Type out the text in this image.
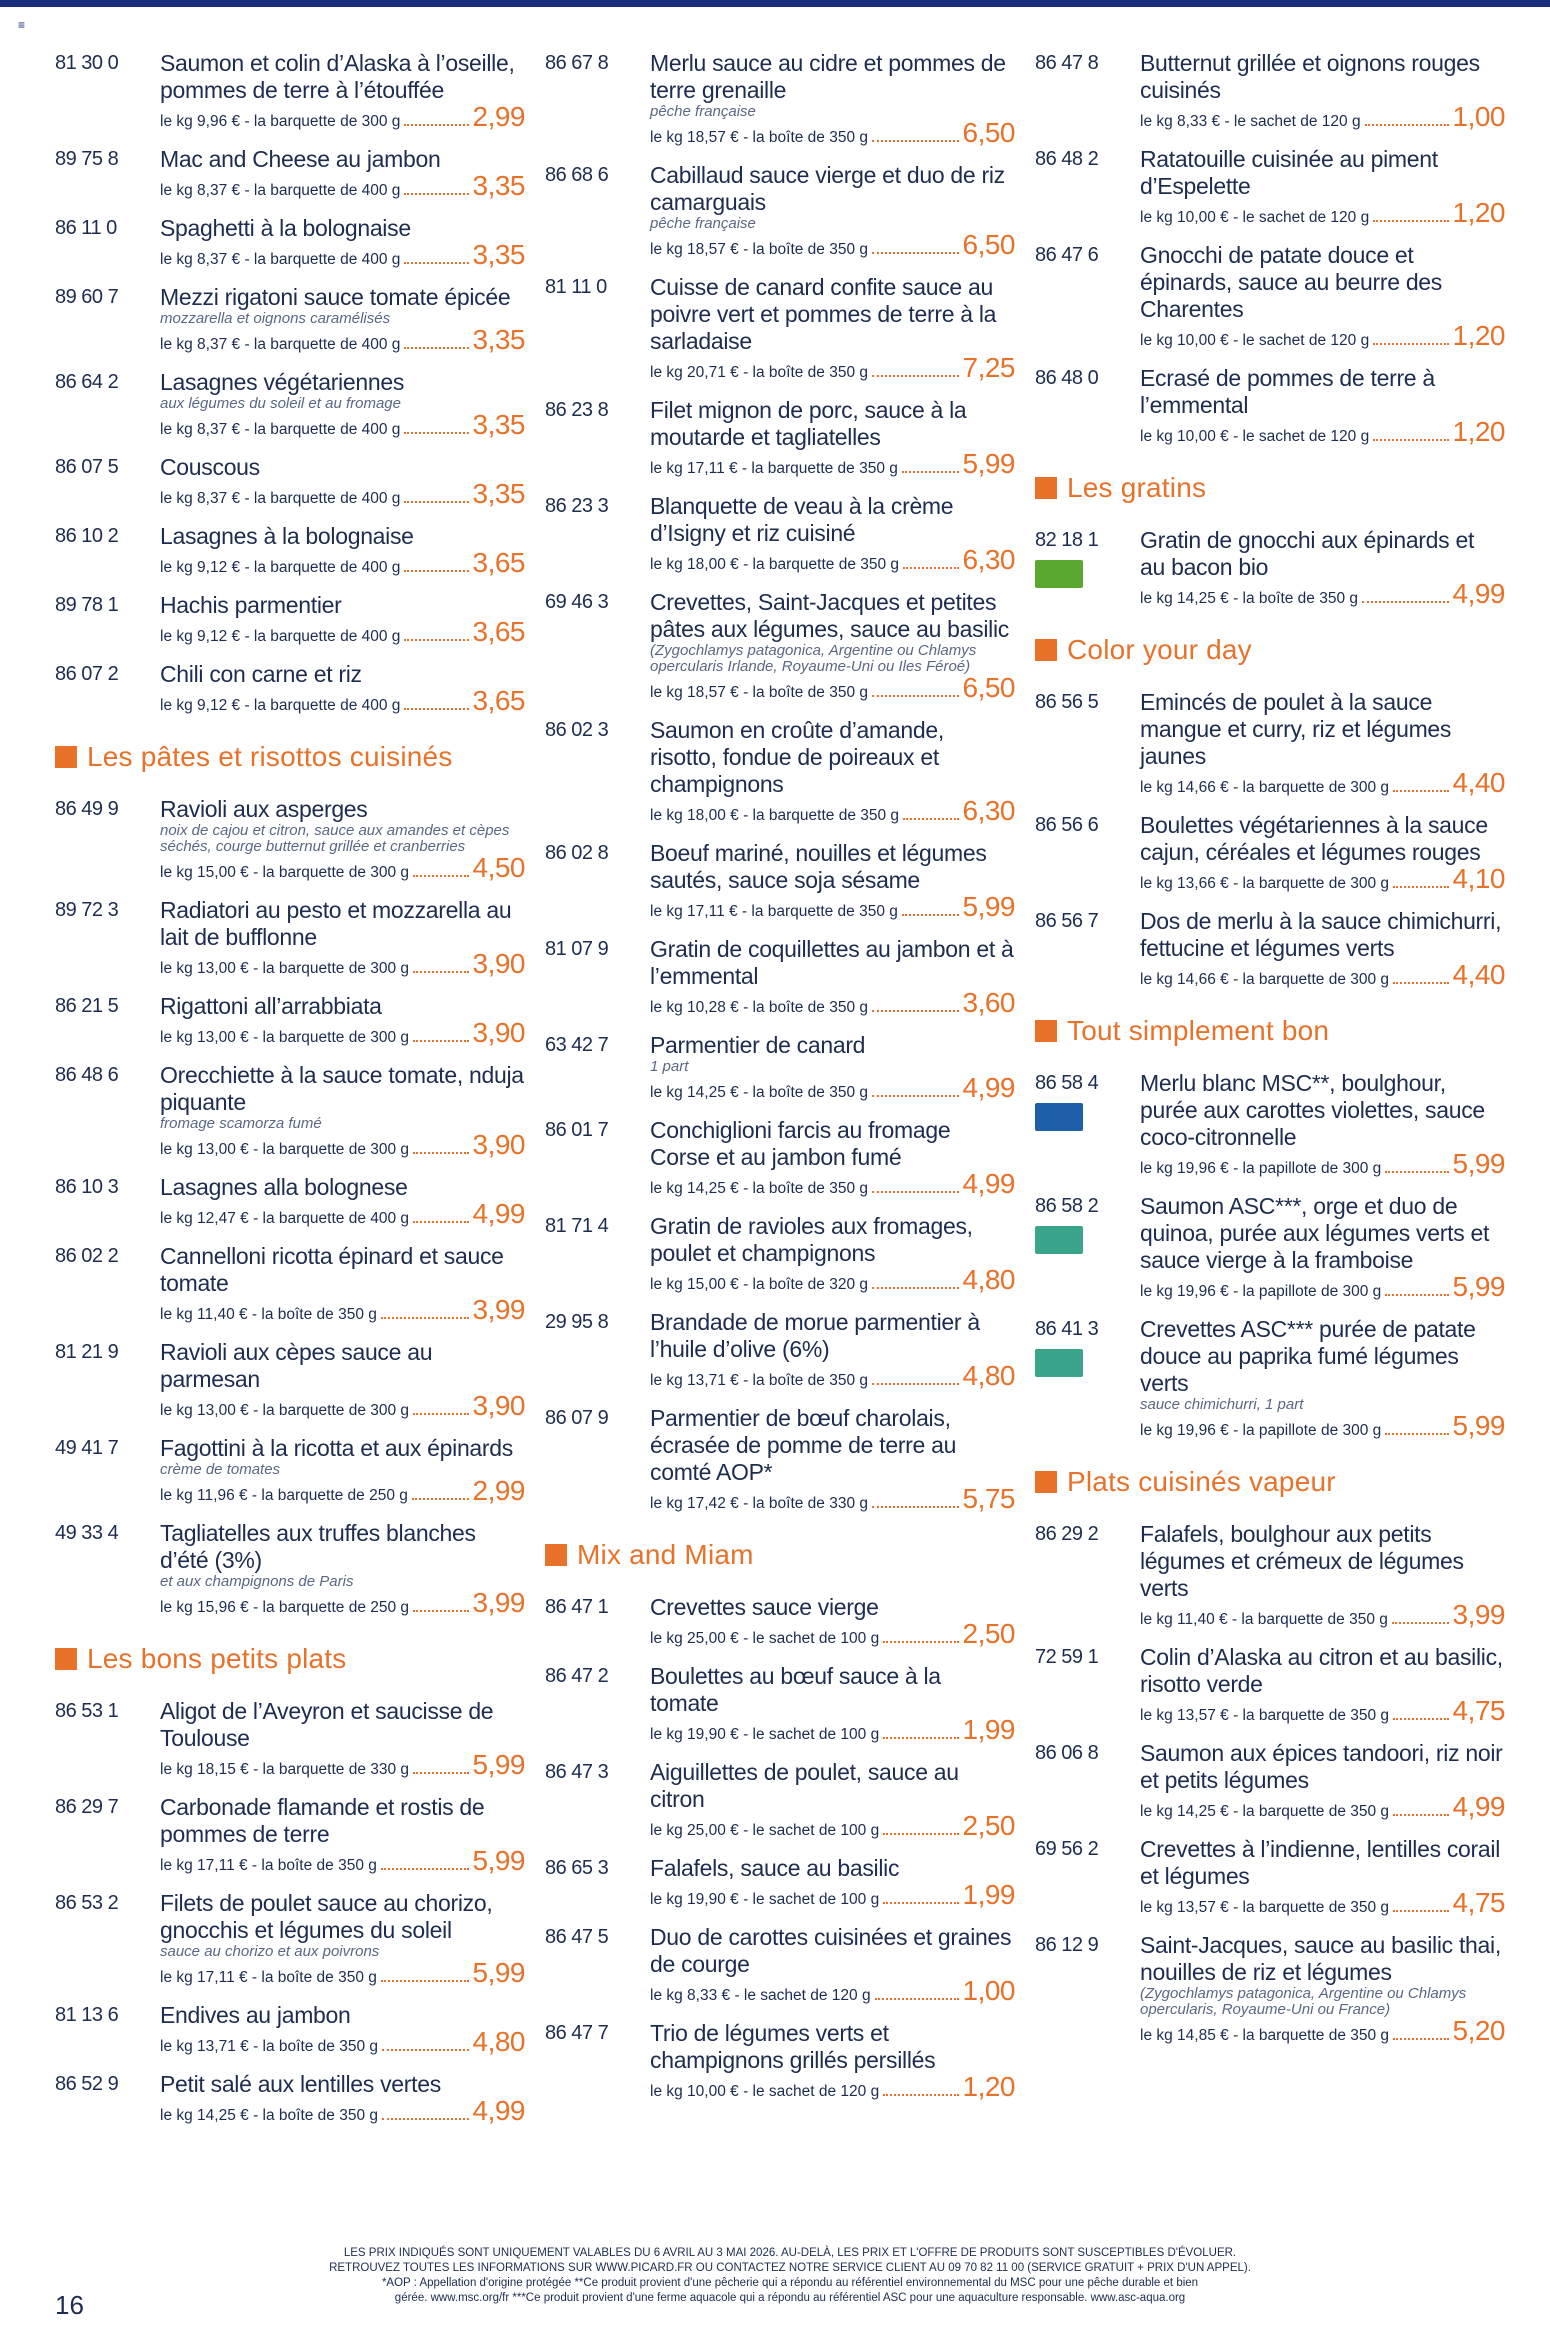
≡
81 30 0	Saumon et colin d’Alaska à l’oseille, pommes de terre à l’étouffée
le kg 9,96 € - la barquette de 300 g	2,99
89 75 8	Mac and Cheese au jambon
le kg 8,37 € - la barquette de 400 g	3,35
86 11 0	Spaghetti à la bolognaise
le kg 8,37 € - la barquette de 400 g	3,35
89 60 7	Mezzi rigatoni sauce tomate épicée
mozzarella et oignons caramélisés
le kg 8,37 € - la barquette de 400 g	3,35
86 64 2	Lasagnes végétariennes
aux légumes du soleil et au fromage
le kg 8,37 € - la barquette de 400 g	3,35
86 07 5	Couscous
le kg 8,37 € - la barquette de 400 g	3,35
86 10 2	Lasagnes à la bolognaise
le kg 9,12 € - la barquette de 400 g	3,65
89 78 1	Hachis parmentier
le kg 9,12 € - la barquette de 400 g	3,65
86 07 2	Chili con carne et riz
le kg 9,12 € - la barquette de 400 g	3,65
Les pâtes et risottos cuisinés
86 49 9	Ravioli aux asperges
noix de cajou et citron, sauce aux amandes et cèpes séchés, courge butternut grillée et cranberries
le kg 15,00 € - la barquette de 300 g 4,50
89 72 3	Radiatori au pesto et mozzarella au lait de bufflonne
le kg 13,00 € - la barquette de 300 g 3,90
86 21 5	Rigattoni all’arrabbiata
le kg 13,00 € - la barquette de 300 g 3,90
86 48 6	Orecchiette à la sauce tomate, nduja piquante
fromage scamorza fumé
le kg 13,00 € - la barquette de 300 g 3,90
86 10 3	Lasagnes alla bolognese
le kg 12,47 € - la barquette de 400 g 4,99
86 02 2	Cannelloni ricotta épinard et sauce tomate
le kg 11,40 € - la boîte de 350 g	3,99
81 21 9	Ravioli aux cèpes sauce au parmesan
le kg 13,00 € - la barquette de 300 g 3,90
49 41 7	Fagottini à la ricotta et aux épinards
crème de tomates
le kg 11,96 € - la barquette de 250 g 2,99
49 33 4	Tagliatelles aux truffes blanches d’été (3%)
et aux champignons de Paris
le kg 15,96 € - la barquette de 250 g 3,99
Les bons petits plats
86 53 1	Aligot de l’Aveyron et saucisse de Toulouse
le kg 18,15 € - la barquette de 330 g 5,99
86 29 7	Carbonade flamande et rostis de pommes de terre
le kg 17,11 € - la boîte de 350 g	5,99
86 53 2	Filets de poulet sauce au chorizo, gnocchis et légumes du soleil
sauce au chorizo et aux poivrons
le kg 17,11 € - la boîte de 350 g	5,99
81 13 6	Endives au jambon
le kg 13,71 € - la boîte de 350 g	4,80
86 52 9	Petit salé aux lentilles vertes
le kg 14,25 € - la boîte de 350 g	4,99
86 67 8	Merlu sauce au cidre et pommes de terre grenaille
pêche française
le kg 18,57 € - la boîte de 350 g	6,50
86 68 6	Cabillaud sauce vierge et duo de riz camarguais
pêche française
le kg 18,57 € - la boîte de 350 g	6,50
81 11 0	Cuisse de canard confite sauce au poivre vert et pommes de terre à la sarladaise
le kg 20,71 € - la boîte de 350 g	7,25
86 23 8	Filet mignon de porc, sauce à la moutarde et tagliatelles
le kg 17,11 € - la barquette de 350 g 5,99
86 23 3	Blanquette de veau à la crème d’Isigny et riz cuisiné
le kg 18,00 € - la barquette de 350 g 6,30
69 46 3	Crevettes, Saint-Jacques et petites pâtes aux légumes, sauce au basilic
(Zygochlamys patagonica, Argentine ou Chlamys opercularis Irlande, Royaume-Uni ou Iles Féroé)
le kg 18,57 € - la boîte de 350 g	6,50
86 02 3	Saumon en croûte d’amande, risotto, fondue de poireaux et champignons
le kg 18,00 € - la barquette de 350 g 6,30
86 02 8	Boeuf mariné, nouilles et légumes sautés, sauce soja sésame
le kg 17,11 € - la barquette de 350 g 5,99
81 07 9	Gratin de coquillettes au jambon et à l’emmental
le kg 10,28 € - la boîte de 350 g	3,60
63 42 7	Parmentier de canard
1 part
le kg 14,25 € - la boîte de 350 g	4,99
86 01 7	Conchiglioni farcis au fromage Corse et au jambon fumé
le kg 14,25 € - la boîte de 350 g	4,99
81 71 4	Gratin de ravioles aux fromages, poulet et champignons
le kg 15,00 € - la boîte de 320 g	4,80
29 95 8	Brandade de morue parmentier à l’huile d’olive (6%)
le kg 13,71 € - la boîte de 350 g	4,80
86 07 9	Parmentier de bœuf charolais, écrasée de pomme de terre au comté AOP*
le kg 17,42 € - la boîte de 330 g	5,75
Mix and Miam
86 47 1	Crevettes sauce vierge
le kg 25,00 € - le sachet de 100 g	2,50
86 47 2	Boulettes au bœuf sauce à la tomate
le kg 19,90 € - le sachet de 100 g	1,99
86 47 3	Aiguillettes de poulet, sauce au citron
le kg 25,00 € - le sachet de 100 g	2,50
86 65 3	Falafels, sauce au basilic
le kg 19,90 € - le sachet de 100 g	1,99
86 47 5	Duo de carottes cuisinées et graines de courge
le kg 8,33 € - le sachet de 120 g	1,00
86 47 7	Trio de légumes verts et champignons grillés persillés
le kg 10,00 € - le sachet de 120 g	1,20
86 47 8	Butternut grillée et oignons rouges cuisinés
le kg 8,33 € - le sachet de 120 g	1,00
86 48 2	Ratatouille cuisinée au piment d’Espelette
le kg 10,00 € - le sachet de 120 g	1,20
86 47 6	Gnocchi de patate douce et épinards, sauce au beurre des Charentes
le kg 10,00 € - le sachet de 120 g	1,20
86 48 0	Ecrasé de pommes de terre à l’emmental
le kg 10,00 € - le sachet de 120 g	1,20
Les gratins
82 18 1	Gratin de gnocchi aux épinards et au bacon bio
le kg 14,25 € - la boîte de 350 g	4,99
Color your day
86 56 5	Emincés de poulet à la sauce mangue et curry, riz et légumes jaunes
le kg 14,66 € - la barquette de 300 g 4,40
86 56 6	Boulettes végétariennes à la sauce cajun, céréales et légumes rouges
le kg 13,66 € - la barquette de 300 g 4,10
86 56 7	Dos de merlu à la sauce chimichurri, fettucine et légumes verts
le kg 14,66 € - la barquette de 300 g 4,40
Tout simplement bon
86 58 4	Merlu blanc MSC**, boulghour, purée aux carottes violettes, sauce coco-citronnelle
le kg 19,96 € - la papillote de 300 g	5,99
86 58 2	Saumon ASC***, orge et duo de quinoa, purée aux légumes verts et sauce vierge à la framboise
le kg 19,96 € - la papillote de 300 g	5,99
86 41 3	Crevettes ASC*** purée de patate douce au paprika fumé légumes verts
sauce chimichurri, 1 part
le kg 19,96 € - la papillote de 300 g	5,99
Plats cuisinés vapeur
86 29 2	Falafels, boulghour aux petits légumes et crémeux de légumes verts
le kg 11,40 € - la barquette de 350 g 3,99
72 59 1	Colin d’Alaska au citron et au basilic, risotto verde
le kg 13,57 € - la barquette de 350 g 4,75
86 06 8	Saumon aux épices tandoori, riz noir et petits légumes
le kg 14,25 € - la barquette de 350 g 4,99
69 56 2	Crevettes à l’indienne, lentilles corail et légumes
le kg 13,57 € - la barquette de 350 g 4,75
86 12 9	Saint-Jacques, sauce au basilic thai, nouilles de riz et légumes
(Zygochlamys patagonica, Argentine ou Chlamys opercularis, Royaume-Uni ou France)
le kg 14,85 € - la barquette de 350 g 5,20
LES PRIX INDIQUÉS SONT UNIQUEMENT VALABLES DU 6 AVRIL AU 3 MAI 2026. AU-DELÀ, LES PRIX ET L'OFFRE DE PRODUITS SONT SUSCEPTIBLES D'ÉVOLUER.
RETROUVEZ TOUTES LES INFORMATIONS SUR WWW.PICARD.FR OU CONTACTEZ NOTRE SERVICE CLIENT AU 09 70 82 11 00 (SERVICE GRATUIT + PRIX D'UN APPEL).
*AOP : Appellation d'origine protégée **Ce produit provient d'une pêcherie qui a répondu au référentiel environnemental du MSC pour une pêche durable et bien
gérée. www.msc.org/fr ***Ce produit provient d'une ferme aquacole qui a répondu au référentiel ASC pour une aquaculture responsable. www.asc-aqua.org
16
